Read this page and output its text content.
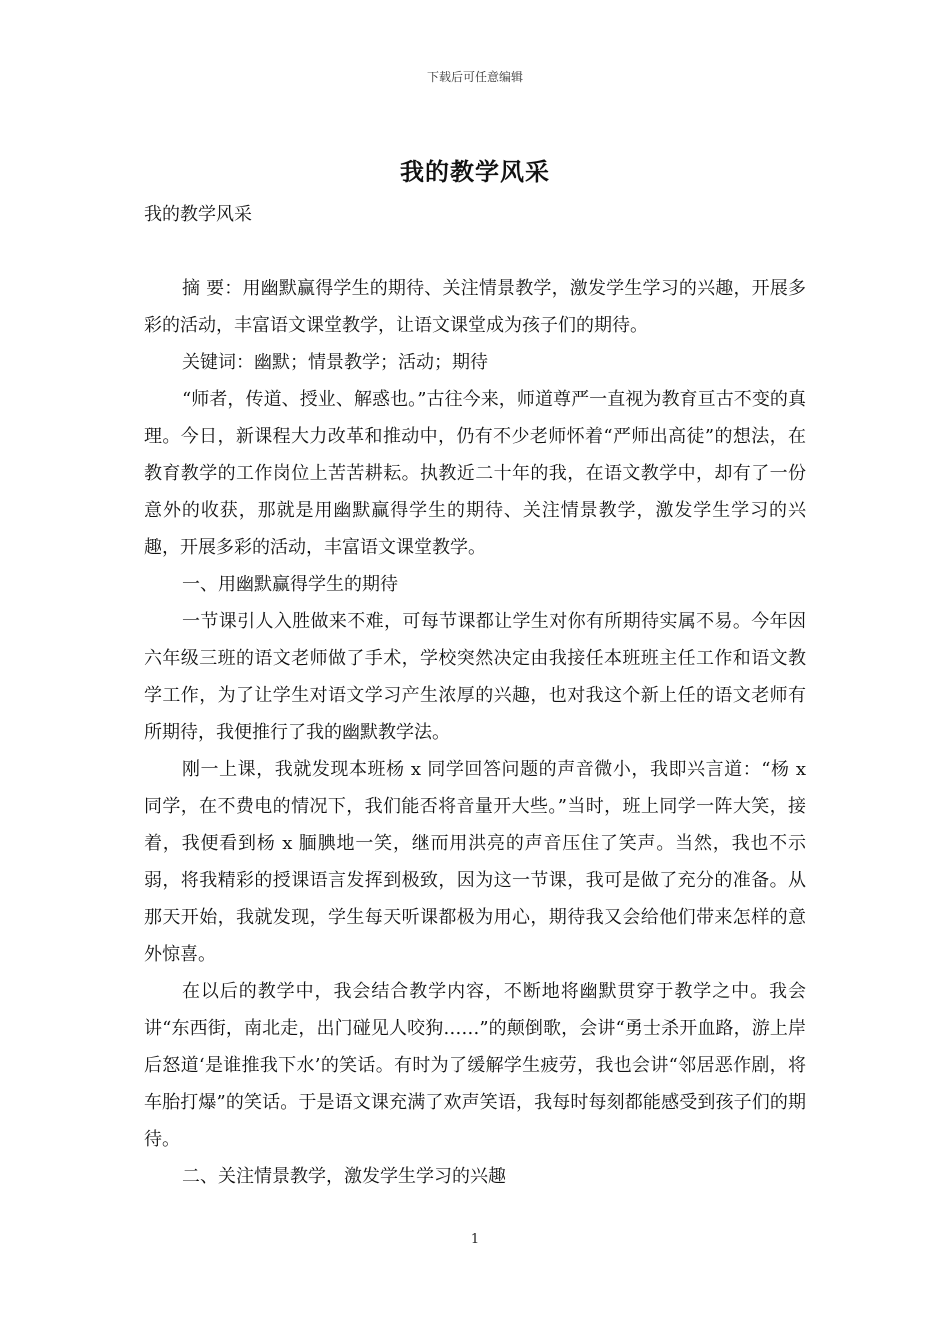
下载后可任意编辑
我的教学风采

我的教学风采

摘 要：用幽默赢得学生的期待、关注情景教学，激发学生学习的兴趣，开展多彩的活动，丰富语文课堂教学，让语文课堂成为孩子们的期待。

关键词：幽默；情景教学；活动；期待

“师者，传道、授业、解惑也。”古往今来，师道尊严一直视为教育亘古不变的真理。今日，新课程大力改革和推动中，仍有不少老师怀着“严师出高徒”的想法，在教育教学的工作岗位上苦苦耕耘。执教近二十年的我，在语文教学中，却有了一份意外的收获，那就是用幽默赢得学生的期待、关注情景教学，激发学生学习的兴趣，开展多彩的活动，丰富语文课堂教学。

一、用幽默赢得学生的期待

一节课引人入胜做来不难，可每节课都让学生对你有所期待实属不易。今年因六年级三班的语文老师做了手术，学校突然决定由我接任本班班主任工作和语文教学工作，为了让学生对语文学习产生浓厚的兴趣，也对我这个新上任的语文老师有所期待，我便推行了我的幽默教学法。

刚一上课，我就发现本班杨 x 同学回答问题的声音微小，我即兴言道：“杨 x 同学，在不费电的情况下，我们能否将音量开大些。”当时，班上同学一阵大笑，接着，我便看到杨 x 腼腆地一笑，继而用洪亮的声音压住了笑声。当然，我也不示弱，将我精彩的授课语言发挥到极致，因为这一节课，我可是做了充分的准备。从那天开始，我就发现，学生每天听课都极为用心，期待我又会给他们带来怎样的意外惊喜。

在以后的教学中，我会结合教学内容，不断地将幽默贯穿于教学之中。我会讲“东西街，南北走，出门碰见人咬狗……”的颠倒歌，会讲“勇士杀开血路，游上岸后怒道‘是谁推我下水’的笑话。有时为了缓解学生疲劳，我也会讲“邻居恶作剧，将车胎打爆”的笑话。于是语文课充满了欢声笑语，我每时每刻都能感受到孩子们的期待。

二、关注情景教学，激发学生学习的兴趣

1
